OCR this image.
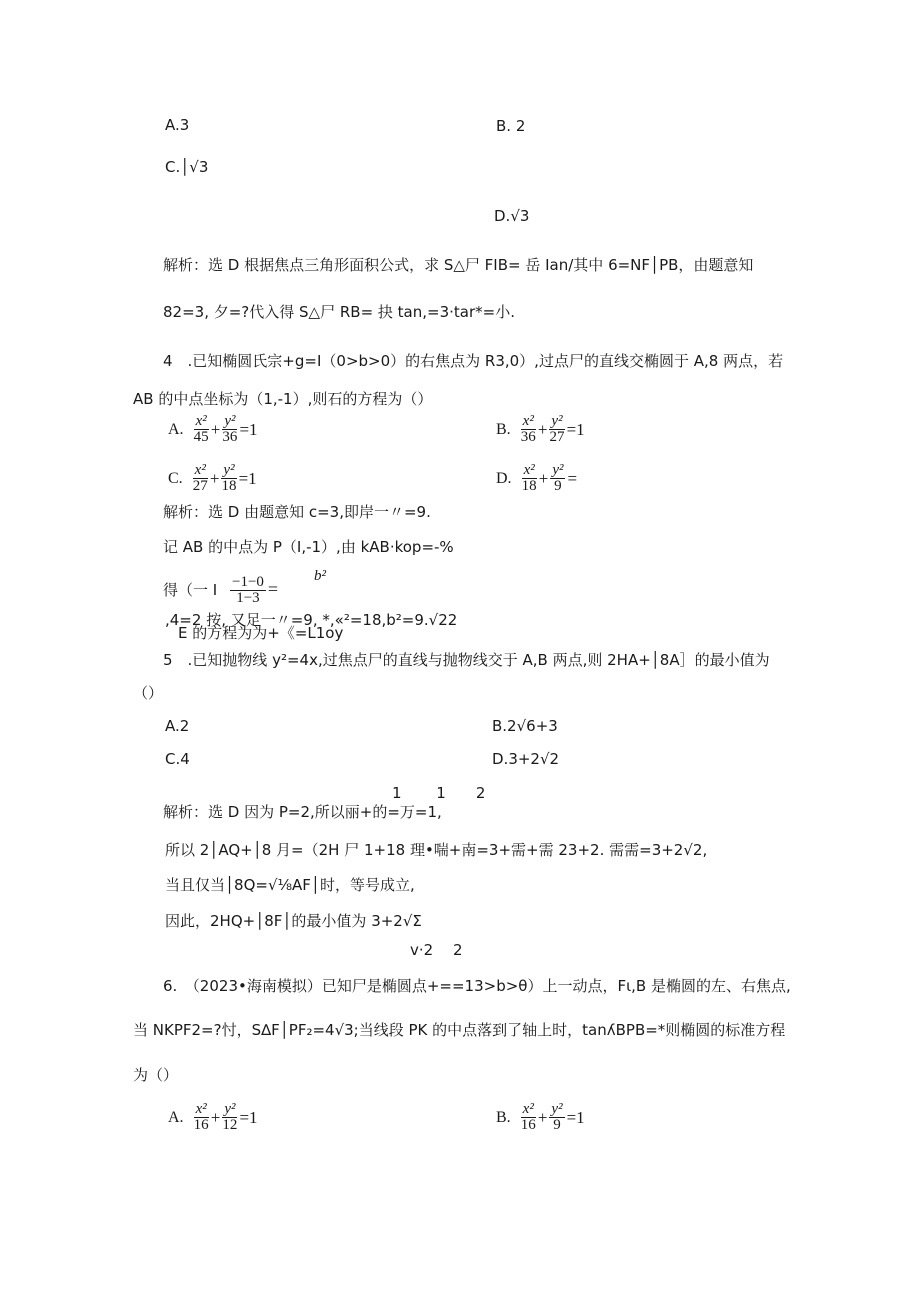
A.3	B. 2
C.│√3
D.√3
解析：选 D 根据焦点三角形面积公式，求 S△尸 FIB= 岳 Ian/其中 6=NF│PB，由题意知
82=3, 夕=?代入得 S△尸 RB= 抉 tan,=3·tar*=小.
4　.已知椭圆氏宗+g=I（0>b>0）的右焦点为 R3,0）,过点尸的直线交椭圆于 A,8 两点，若
AB 的中点坐标为（1,-1）,则石的方程为（）
A. $\frac{\text{x²}}{45} + \frac{\text{y²}}{36} =1$	B. $\frac{\text{x²}}{36} + \frac{\text{y²}}{27} =1$
C. $\frac{\text{x²}}{27} + \frac{\text{y²}}{18} =1$	D. $\frac{\text{x²}}{18} + \frac{\text{y²}}{9}$ =
解析：选 D 由题意知 c=3,即岸一〃=9.
记 AB 的中点为 P（I,-1）,由 kAB·kop=-%
得（一 I $\frac{-1-0}{1-3}$ =
b²
,4=2 按, 又足一〃=9, *,«²=18,b²=9.√22
E 的方程为为+《=L1oy
5　.已知抛物线 y²=4x,过焦点尸的直线与抛物线交于 A,B 两点,则 2HA+│8A］的最小值为
（）
A.2	B.2√6+3
C.4	D.3+2√2
1   1  2
解析：选 D 因为 P=2,所以丽+的=万=1,
所以 2│AQ+│8 月=（2H 尸 1+18 理•喘+南=3+需+需 23+2. 需需=3+2√2,
当且仅当│8Q=√⅛AF│时，等号成立,
因此，2HQ+│8F│的最小值为 3+2√Σ
v·2  2
6.　（2023•海南模拟）已知尸是椭圆点+==13>b>θ）上一动点，Fι,B 是椭圆的左、右焦点,
当 NKPF2=?忖，S∆F│PF₂=4√3;当线段 PK 的中点落到了轴上时，tanʎBPB=*则椭圆的标准方程
为（）
A. $\frac{\text{x²}}{16} + \frac{\text{y²}}{12} =1$	B. $\frac{\text{x²}}{16} + \frac{\text{y²}}{9} =1$
